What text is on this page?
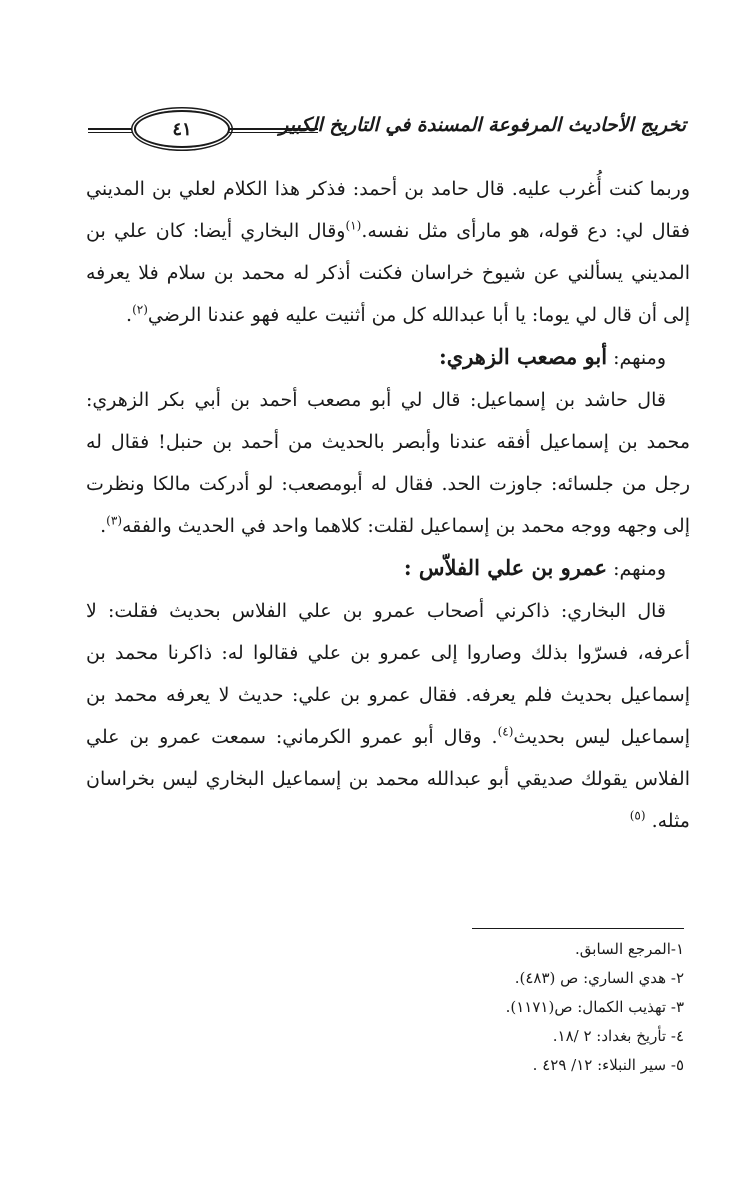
٤١	تخريج الأحاديث المرفوعة المسندة في التاريخ الكبير

وربما كنت أُغرب عليه. قال حامد بن أحمد: فذكر هذا الكلام لعلي بن المديني فقال لي: دع قوله، هو مارأى مثل نفسه.$^{(١)}$وقال البخاري أيضا: كان علي بن المديني يسألني عن شيوخ خراسان فكنت أذكر له محمد بن سلام فلا يعرفه إلى أن قال لي يوما: يا أبا عبدالله كل من أثنيت عليه فهو عندنا الرضي$^{(٢)}$.

ومنهم: أبو مصعب الزهري:

قال حاشد بن إسماعيل: قال لي أبو مصعب أحمد بن أبي بكر الزهري: محمد بن إسماعيل أفقه عندنا وأبصر بالحديث من أحمد بن حنبل! فقال له رجل من جلسائه: جاوزت الحد. فقال له أبومصعب: لو أدركت مالكا ونظرت إلى وجهه ووجه محمد بن إسماعيل لقلت: كلاهما واحد في الحديث والفقه$^{(٣)}$.

ومنهم: عمرو بن علي الفلاّس :

قال البخاري: ذاكرني أصحاب عمرو بن علي الفلاس بحديث فقلت: لا أعرفه، فسرّوا بذلك وصاروا إلى عمرو بن علي فقالوا له: ذاكرنا محمد بن إسماعيل بحديث فلم يعرفه. فقال عمرو بن علي: حديث لا يعرفه محمد بن إسماعيل ليس بحديث$^{(٤)}$. وقال أبو عمرو الكرماني: سمعت عمرو بن علي الفلاس يقولك صديقي أبو عبدالله محمد بن إسماعيل البخاري ليس بخراسان مثله. $^{(٥)}$

١-المرجع السابق.
٢- هدي الساري: ص (٤٨٣).
٣- تهذيب الكمال: ص(١١٧١).
٤- تأريخ بغداد: ٢ /١٨.
٥- سير النبلاء: ١٢/ ٤٢٩ .
